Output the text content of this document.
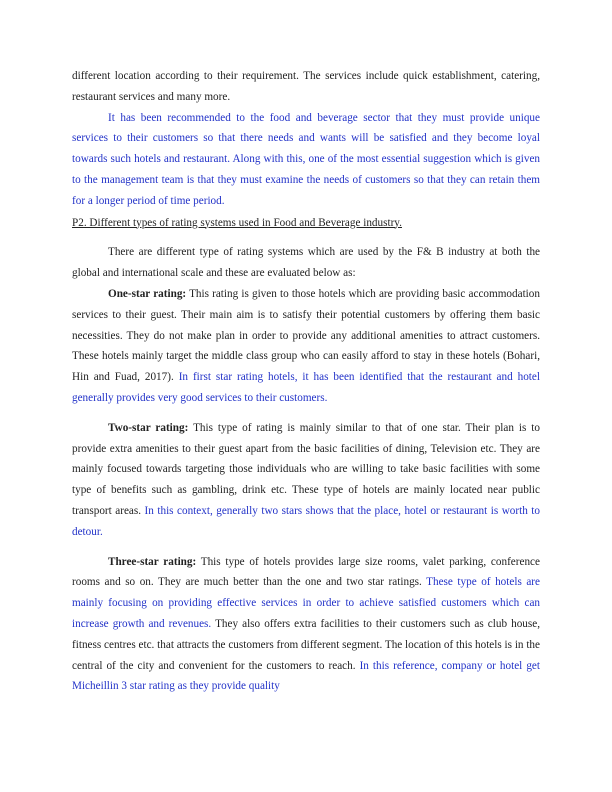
different location according to their requirement. The services include quick establishment, catering, restaurant services and many more.

It has been recommended to the food and beverage sector that they must provide unique services to their customers so that there needs and wants will be satisfied and they become loyal towards such hotels and restaurant. Along with this, one of the most essential suggestion which is given to the management team is that they must examine the needs of customers so that they can retain them for a longer period of time period.

P2. Different types of rating systems used in Food and Beverage industry.

There are different type of rating systems which are used by the F& B industry at both the global and international scale and these are evaluated below as:

One-star rating: This rating is given to those hotels which are providing basic accommodation services to their guest. Their main aim is to satisfy their potential customers by offering them basic necessities. They do not make plan in order to provide any additional amenities to attract customers. These hotels mainly target the middle class group who can easily afford to stay in these hotels (Bohari, Hin and Fuad, 2017). In first star rating hotels, it has been identified that the restaurant and hotel generally provides very good services to their customers.

Two-star rating: This type of rating is mainly similar to that of one star. Their plan is to provide extra amenities to their guest apart from the basic facilities of dining, Television etc. They are mainly focused towards targeting those individuals who are willing to take basic facilities with some type of benefits such as gambling, drink etc. These type of hotels are mainly located near public transport areas. In this context, generally two stars shows that the place, hotel or restaurant is worth to detour.

Three-star rating: This type of hotels provides large size rooms, valet parking, conference rooms and so on. They are much better than the one and two star ratings. These type of hotels are mainly focusing on providing effective services in order to achieve satisfied customers which can increase growth and revenues. They also offers extra facilities to their customers such as club house, fitness centres etc. that attracts the customers from different segment. The location of this hotels is in the central of the city and convenient for the customers to reach. In this reference, company or hotel get Micheillin 3 star rating as they provide quality
